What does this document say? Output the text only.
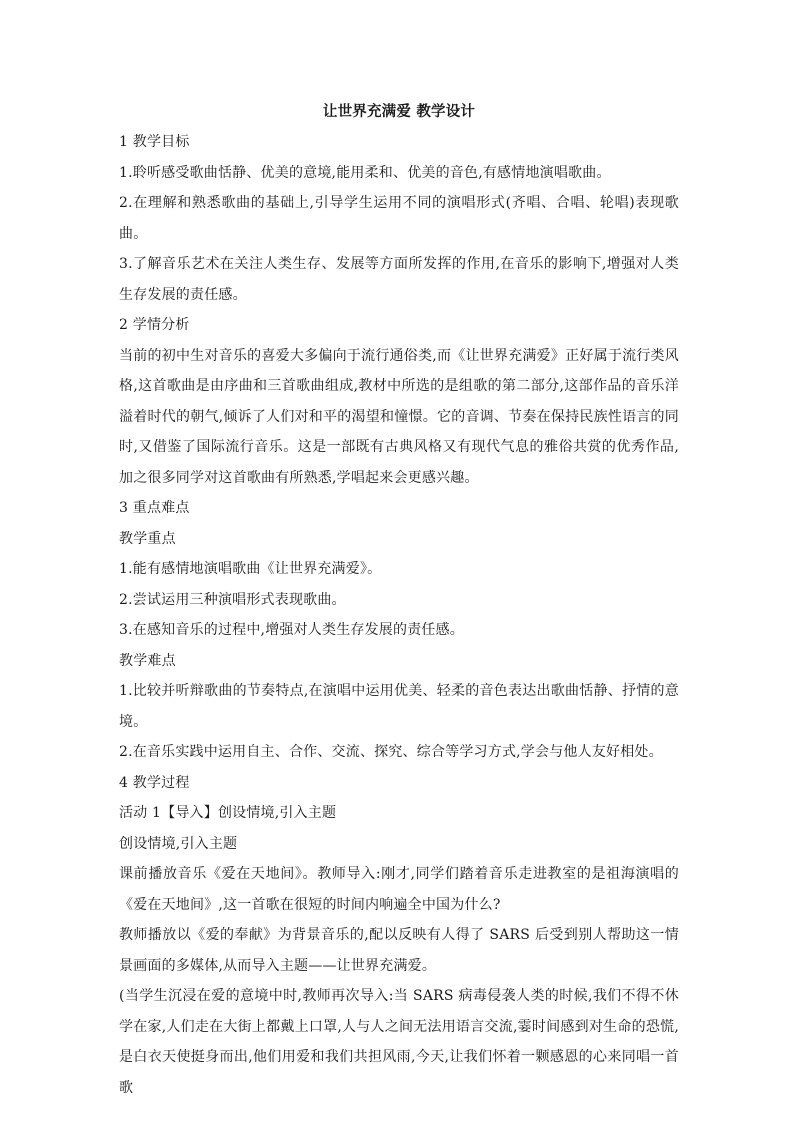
让世界充满爱 教学设计

1 教学目标

1.聆听感受歌曲恬静、优美的意境,能用柔和、优美的音色,有感情地演唱歌曲。

2.在理解和熟悉歌曲的基础上,引导学生运用不同的演唱形式(齐唱、合唱、轮唱)表现歌曲。

3.了解音乐艺术在关注人类生存、发展等方面所发挥的作用,在音乐的影响下,增强对人类生存发展的责任感。

2 学情分析

当前的初中生对音乐的喜爱大多偏向于流行通俗类,而《让世界充满爱》正好属于流行类风格,这首歌曲是由序曲和三首歌曲组成,教材中所选的是组歌的第二部分,这部作品的音乐洋溢着时代的朝气,倾诉了人们对和平的渴望和憧憬。它的音调、节奏在保持民族性语言的同时,又借鉴了国际流行音乐。这是一部既有古典风格又有现代气息的雅俗共赏的优秀作品,加之很多同学对这首歌曲有所熟悉,学唱起来会更感兴趣。

3 重点难点

教学重点

1.能有感情地演唱歌曲《让世界充满爱》。

2.尝试运用三种演唱形式表现歌曲。

3.在感知音乐的过程中,增强对人类生存发展的责任感。

教学难点

1.比较并听辩歌曲的节奏特点,在演唱中运用优美、轻柔的音色表达出歌曲恬静、抒情的意境。

2.在音乐实践中运用自主、合作、交流、探究、综合等学习方式,学会与他人友好相处。

4 教学过程

活动 1【导入】创设情境,引入主题

创设情境,引入主题

课前播放音乐《爱在天地间》。教师导入:刚才,同学们踏着音乐走进教室的是祖海演唱的《爱在天地间》,这一首歌在很短的时间内响遍全中国为什么?

教师播放以《爱的奉献》为背景音乐的,配以反映有人得了 SARS 后受到别人帮助这一情景画面的多媒体,从而导入主题——让世界充满爱。

(当学生沉浸在爱的意境中时,教师再次导入:当 SARS 病毒侵袭人类的时候,我们不得不休学在家,人们走在大街上都戴上口罩,人与人之间无法用语言交流,霎时间感到对生命的恐慌,是白衣天使挺身而出,他们用爱和我们共担风雨,今天,让我们怀着一颗感恩的心来同唱一首歌
